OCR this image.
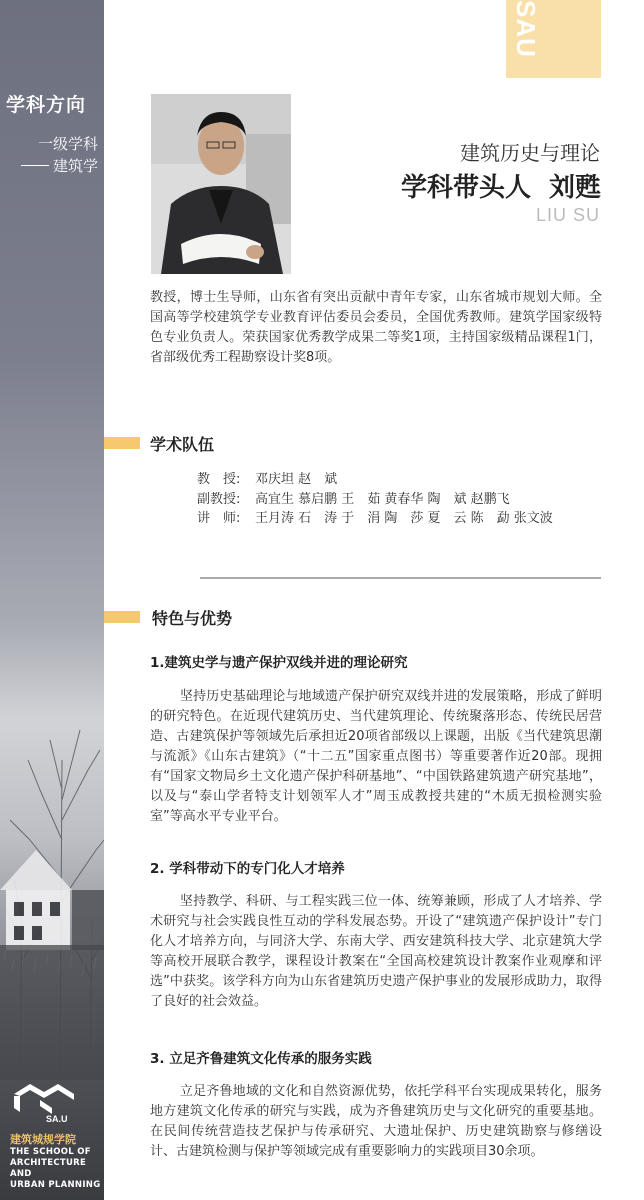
学科方向
一级学科
建筑学
SA.U
建筑城规学院
THE SCHOOL OF
ARCHITECTURE AND
URBAN PLANNING
SAU
建筑历史与理论
学科带头人 刘甦
LIU SU
教授，博士生导师，山东省有突出贡献中青年专家，山东省城市规划大师。全国高等学校建筑学专业教育评估委员会委员，全国优秀教师。建筑学国家级特色专业负责人。荣获国家优秀教学成果二等奖1项，主持国家级精品课程1门，省部级优秀工程勘察设计奖8项。
学术队伍
教　授:	邓庆坦 赵　斌
副教授:	高宜生 慕启鹏 王　茹 黄春华 陶　斌 赵鹏飞
讲　师:	王月涛 石　涛 于　涓 陶　莎 夏　云 陈　勐 张文波
特色与优势
1.建筑史学与遗产保护双线并进的理论研究
坚持历史基础理论与地域遗产保护研究双线并进的发展策略，形成了鲜明的研究特色。在近现代建筑历史、当代建筑理论、传统聚落形态、传统民居营造、古建筑保护等领域先后承担近20项省部级以上课题，出版《当代建筑思潮与流派》《山东古建筑》（“十二五”国家重点图书）等重要著作近20部。现拥有“国家文物局乡土文化遗产保护科研基地”、“中国铁路建筑遗产研究基地”，以及与“泰山学者特支计划领军人才”周玉成教授共建的“木质无损检测实验室”等高水平专业平台。
2. 学科带动下的专门化人才培养
坚持教学、科研、与工程实践三位一体、统筹兼顾，形成了人才培养、学术研究与社会实践良性互动的学科发展态势。开设了“建筑遗产保护设计”专门化人才培养方向，与同济大学、东南大学、西安建筑科技大学、北京建筑大学等高校开展联合教学，课程设计教案在“全国高校建筑设计教案作业观摩和评选”中获奖。该学科方向为山东省建筑历史遗产保护事业的发展形成助力，取得了良好的社会效益。
3. 立足齐鲁建筑文化传承的服务实践
立足齐鲁地域的文化和自然资源优势，依托学科平台实现成果转化，服务地方建筑文化传承的研究与实践，成为齐鲁建筑历史与文化研究的重要基地。在民间传统营造技艺保护与传承研究、大遗址保护、历史建筑勘察与修缮设计、古建筑检测与保护等领域完成有重要影响力的实践项目30余项。
